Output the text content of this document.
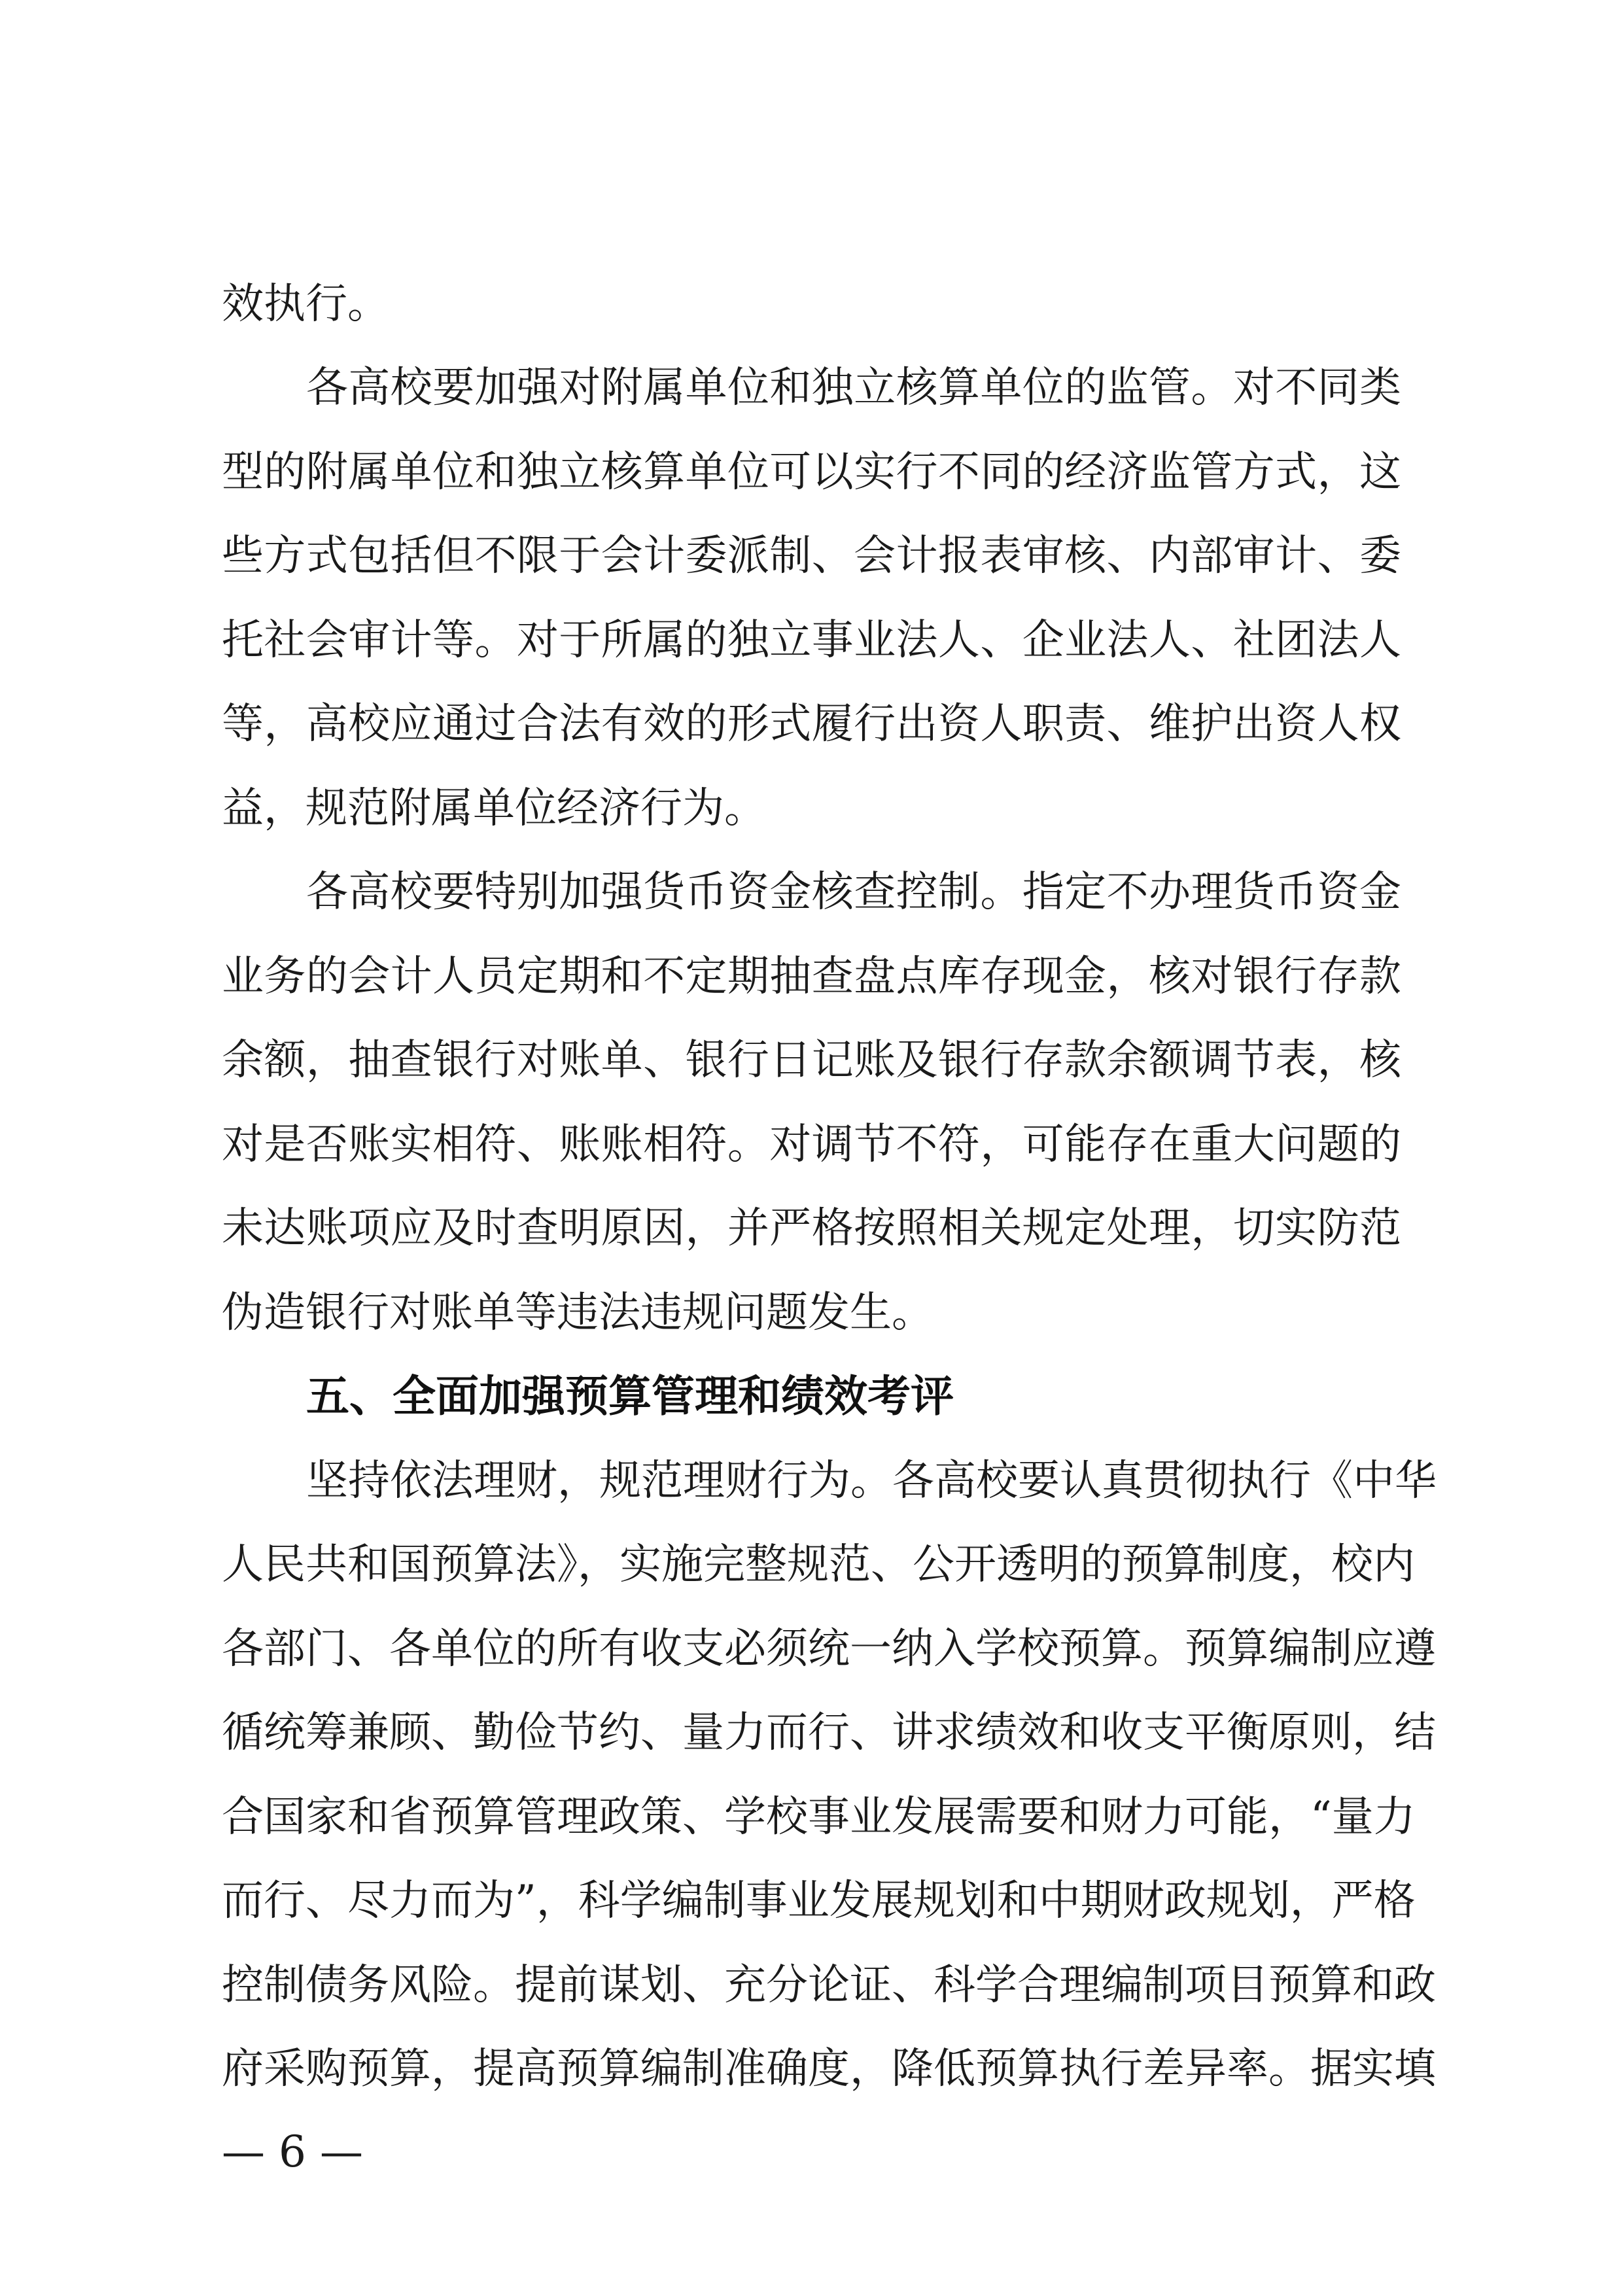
效执行。
各高校要加强对附属单位和独立核算单位的监管。对不同类
型的附属单位和独立核算单位可以实行不同的经济监管方式，这
些方式包括但不限于会计委派制、会计报表审核、内部审计、委
托社会审计等。对于所属的独立事业法人、企业法人、社团法人
等，高校应通过合法有效的形式履行出资人职责、维护出资人权
益，规范附属单位经济行为。
各高校要特别加强货币资金核查控制。指定不办理货币资金
业务的会计人员定期和不定期抽查盘点库存现金，核对银行存款
余额，抽查银行对账单、银行日记账及银行存款余额调节表，核
对是否账实相符、账账相符。对调节不符，可能存在重大问题的
未达账项应及时查明原因，并严格按照相关规定处理，切实防范
伪造银行对账单等违法违规问题发生。
五、全面加强预算管理和绩效考评
坚持依法理财，规范理财行为。各高校要认真贯彻执行《中华
人民共和国预算法》，实施完整规范、公开透明的预算制度，校内
各部门、各单位的所有收支必须统一纳入学校预算。预算编制应遵
循统筹兼顾、勤俭节约、量力而行、讲求绩效和收支平衡原则，结
合国家和省预算管理政策、学校事业发展需要和财力可能，“量力
而行、尽力而为”，科学编制事业发展规划和中期财政规划，严格
控制债务风险。提前谋划、充分论证、科学合理编制项目预算和政
府采购预算，提高预算编制准确度，降低预算执行差异率。据实填
— 6 —
